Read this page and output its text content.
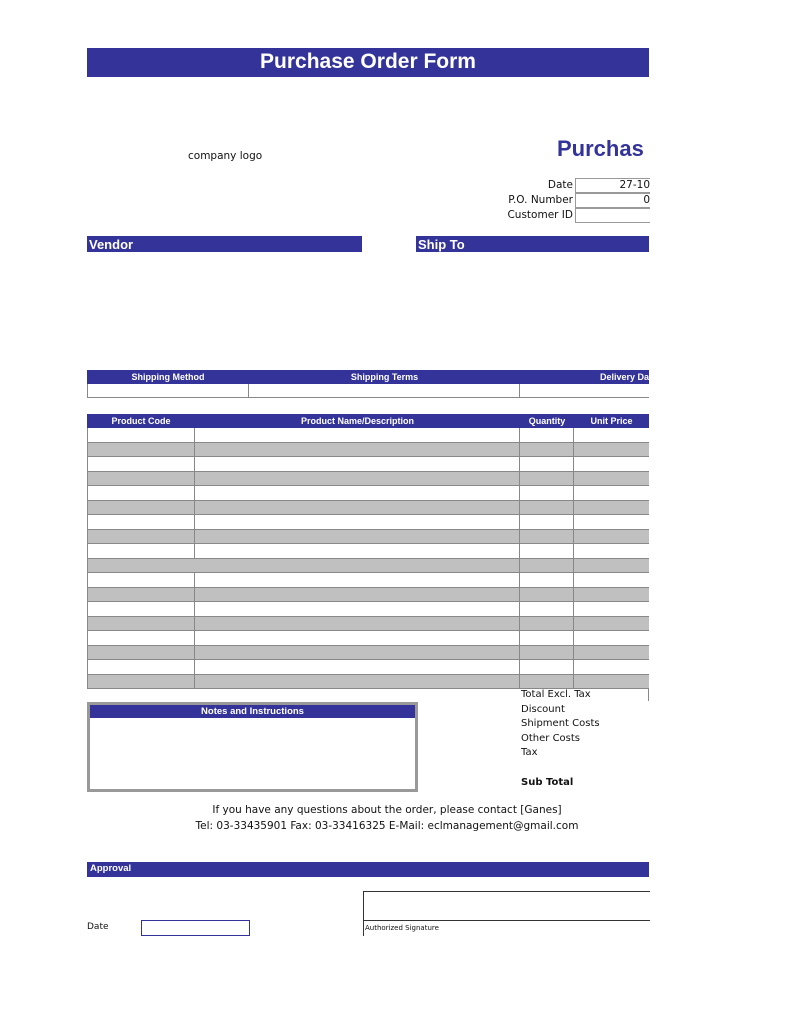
Purchase Order Form
company logo	Purchas
Date	27-10
P.O. Number	0
Customer ID
Vendor	Ship To
Shipping Method	Shipping Terms	Delivery Da
Product Code	Product Name/Description	Quantity	Unit Price
Total Excl. Tax
Discount
Shipment Costs
Other Costs
Tax
Sub Total
Notes and Instructions
If you have any questions about the order, please contact [Ganes]
Tel: 03-33435901 Fax: 03-33416325 E-Mail: eclmanagement@gmail.com
Approval
Date	Authorized Signature
